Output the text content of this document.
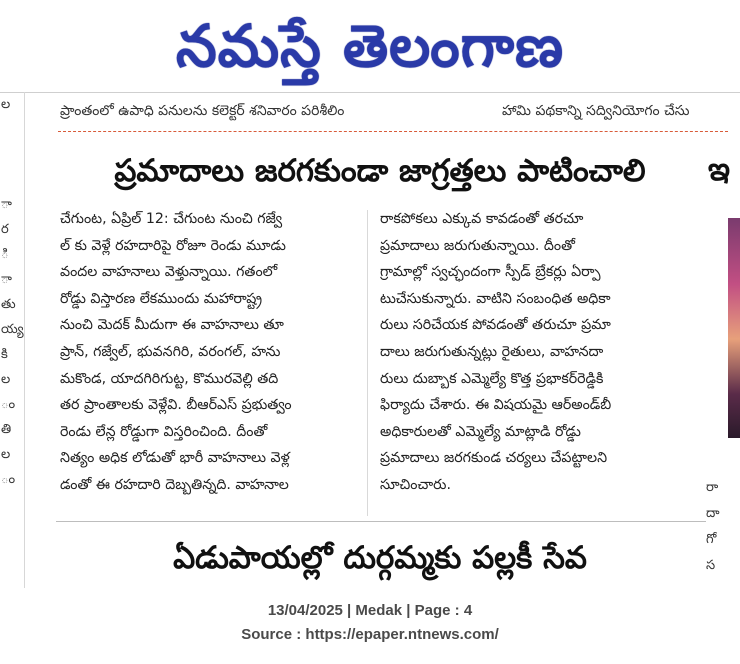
నమస్తే తెలంగాణ
ల
ా
ర
ి
ా
తు
య్య
కి
ల
ం
తి
ల
ం
ప్రాంతంలో ఉపాధి పనులను కలెక్టర్ శనివారం పరిశీలిం	హామి పథకాన్ని సద్వినియోగం చేసు
ప్రమాదాలు జరగకుండా జాగ్రత్తలు పాటించాలి
చేగుంట, ఏప్రిల్ 12: చేగుంట నుంచి గజ్వే
ల్ కు వెళ్లే రహదారిపై రోజూ రెండు మూడు
వందల వాహనాలు వెళ్తున్నాయి. గతంలో
రోడ్డు విస్తారణ లేకముందు మహారాష్ట్ర
నుంచి మెదక్ మీదుగా ఈ వాహనాలు తూ
ప్రాన్, గజ్వేల్, భువనగిరి, వరంగల్, హను
మకొండ, యాదగిరిగుట్ట, కొముర‌వెల్లి తది
తర ప్రాంతాలకు వెళ్లేవి. బీఆర్ఎస్ ప్రభుత్వం
రెండు లేన్ల రోడ్డుగా విస్తరించింది. దీంతో
నిత్యం అధిక లోడుతో భారీ వాహనాలు వెళ్ల
డంతో ఈ రహదారి దెబ్బతిన్నది. వాహనాల
రాకపోకలు ఎక్కువ కావడంతో తరచూ
ప్రమాదాలు జరుగుతున్నాయి. దీంతో
గ్రామాల్లో స్వచ్ఛందంగా స్పీడ్ బ్రేకర్లు ఏర్పా
టుచేసుకున్నారు. వాటిని సంబంధిత అధికా
రులు సరిచేయక పోవడంతో తరుచూ ప్రమా
దాలు జరుగుతున్నట్లు రైతులు, వాహనదా
రులు దుబ్బాక ఎమ్మెల్యే కొత్త ప్రభాకర్‌రెడ్డికి
ఫిర్యాదు చేశారు. ఈ విషయమై ఆర్అండ్‌బీ
అధికారులతో ఎమ్మెల్యే మాట్లాడి రోడ్డు
ప్రమాదాలు జరగకుండ చర్యలు చేపట్టాలని
సూచించారు.
ఏడుపాయల్లో దుర్గమ్మకు పల్లకీ సేవ
ఇ
రా
దా
గో
స
13/04/2025 | Medak | Page : 4
Source : https://epaper.ntnews.com/
